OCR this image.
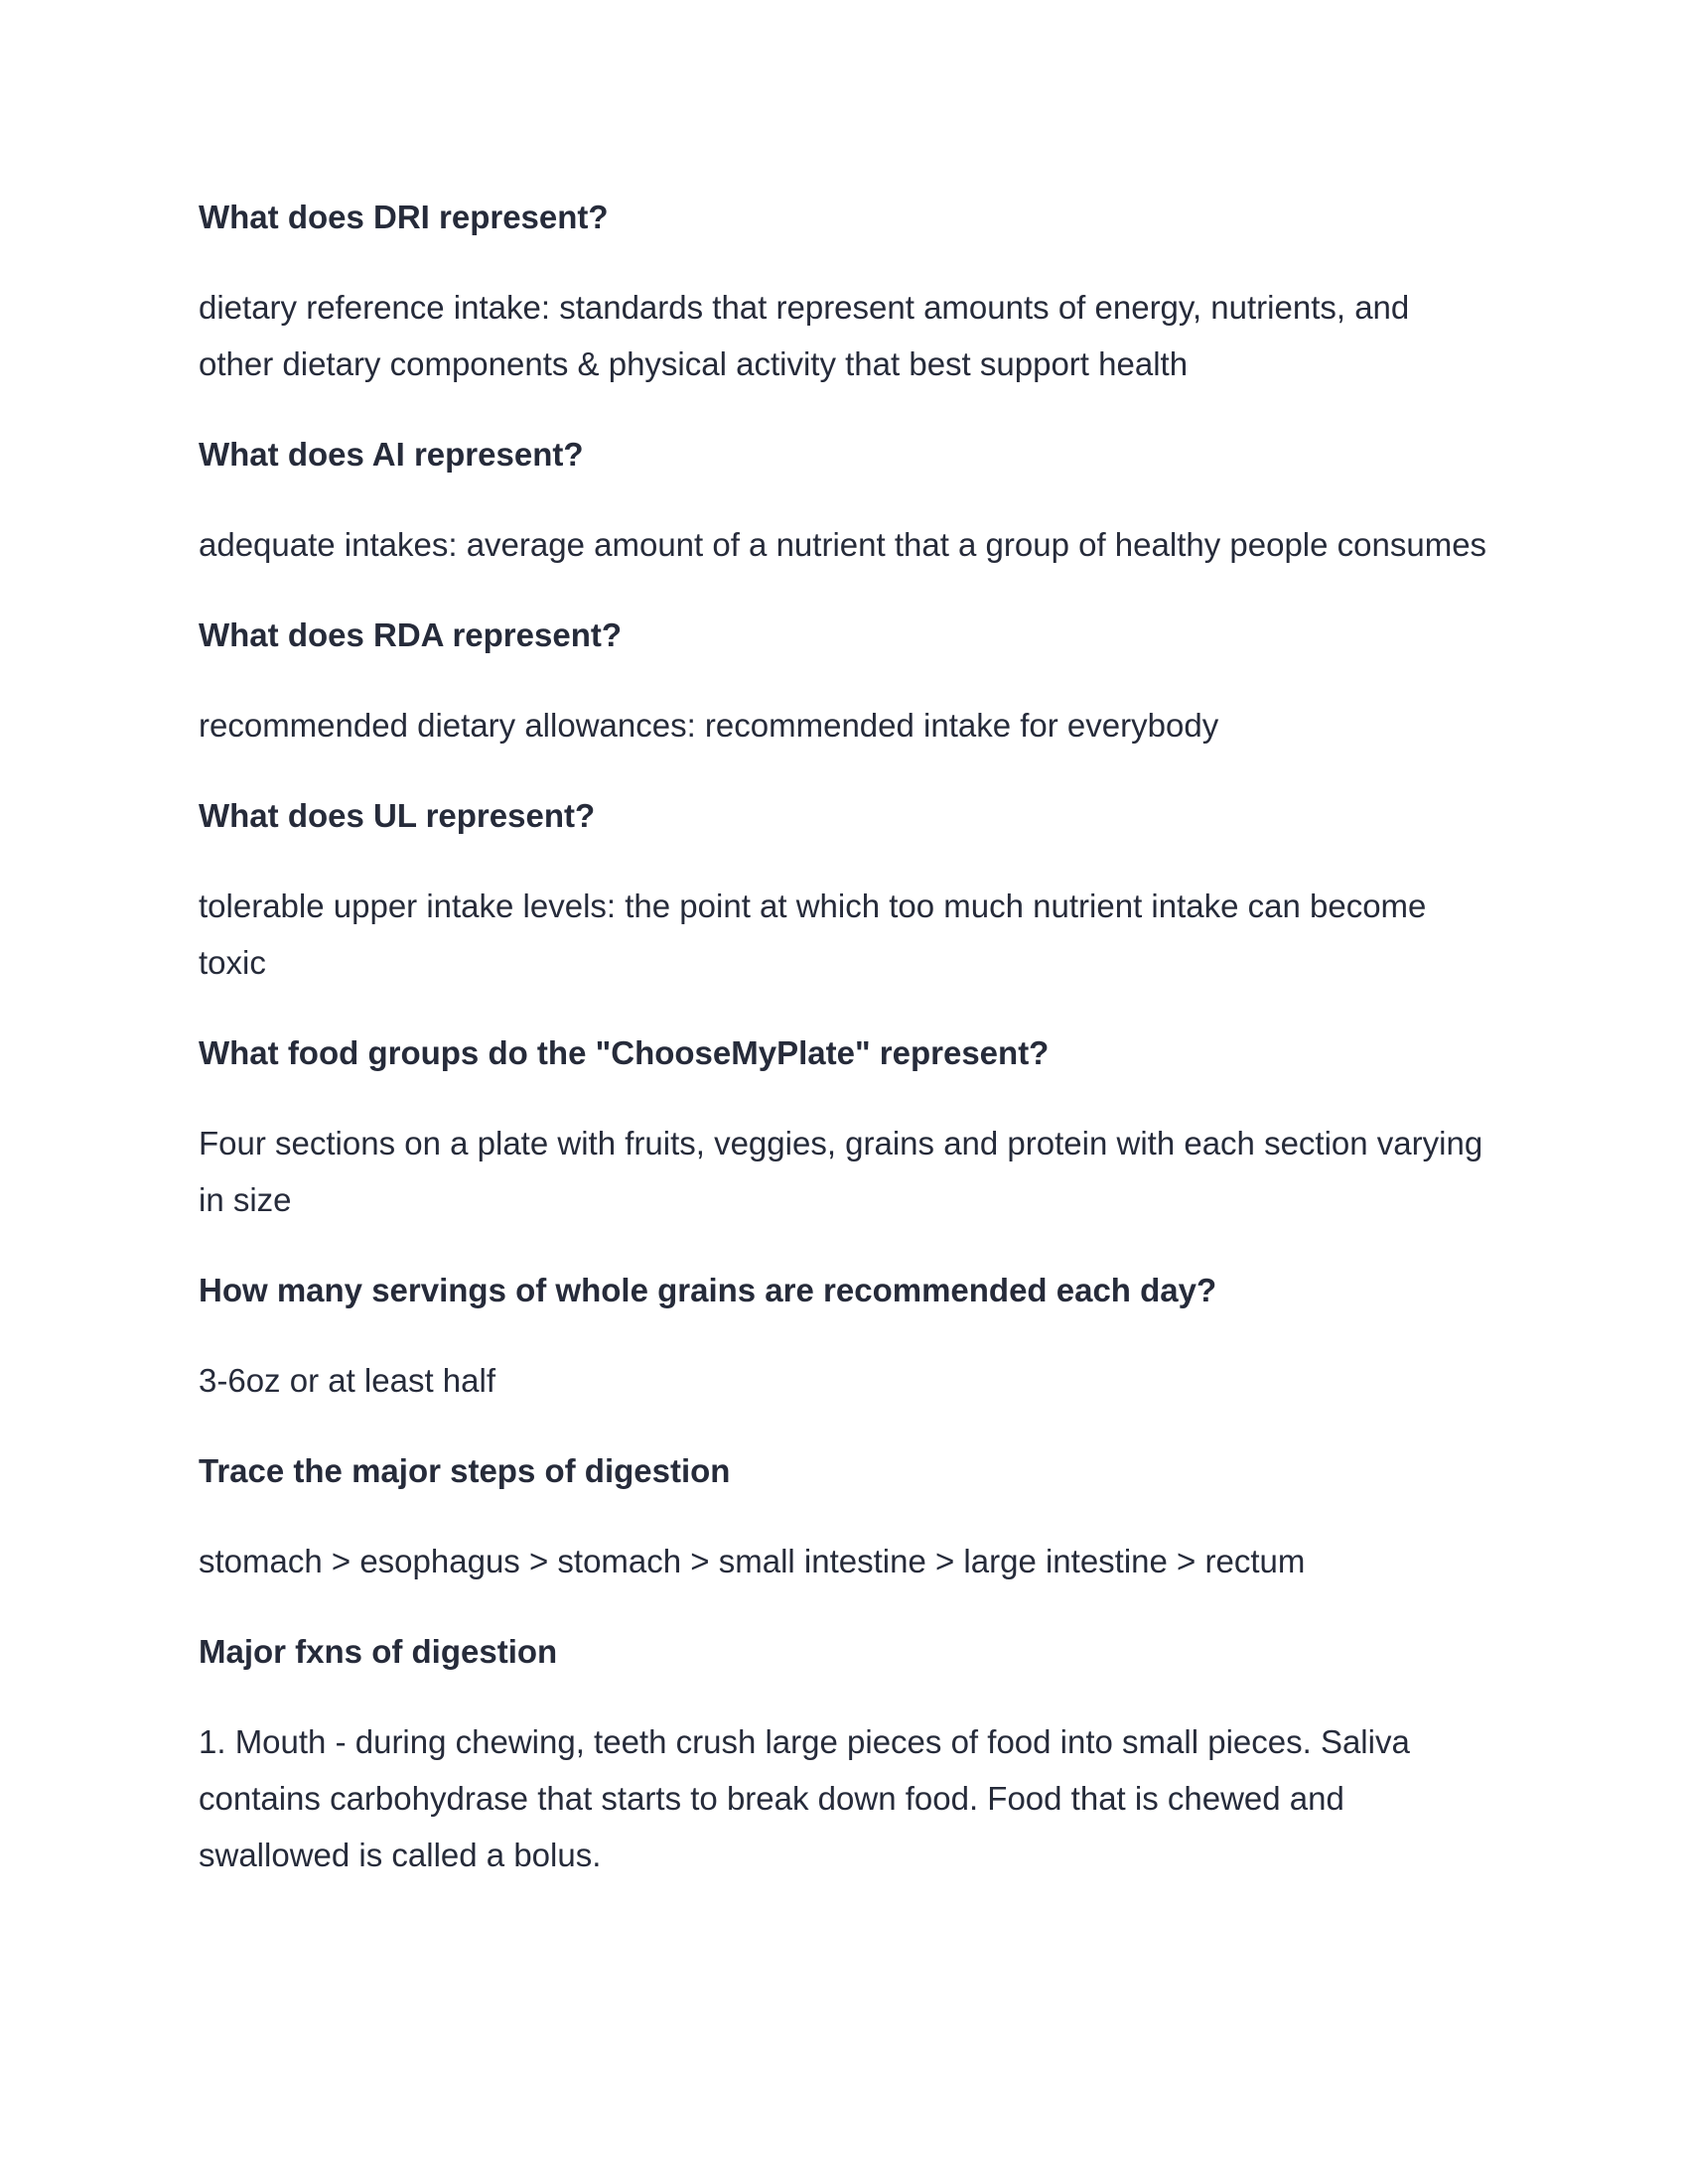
What does DRI represent?

dietary reference intake: standards that represent amounts of energy, nutrients, and other dietary components & physical activity that best support health

What does AI represent?

adequate intakes: average amount of a nutrient that a group of healthy people consumes

What does RDA represent?

recommended dietary allowances: recommended intake for everybody

What does UL represent?

tolerable upper intake levels: the point at which too much nutrient intake can become toxic

What food groups do the "ChooseMyPlate" represent?

Four sections on a plate with fruits, veggies, grains and protein with each section varying in size

How many servings of whole grains are recommended each day?

3-6oz or at least half

Trace the major steps of digestion

stomach > esophagus > stomach > small intestine > large intestine > rectum

Major fxns of digestion

1. Mouth - during chewing, teeth crush large pieces of food into small pieces. Saliva contains carbohydrase that starts to break down food. Food that is chewed and swallowed is called a bolus.
